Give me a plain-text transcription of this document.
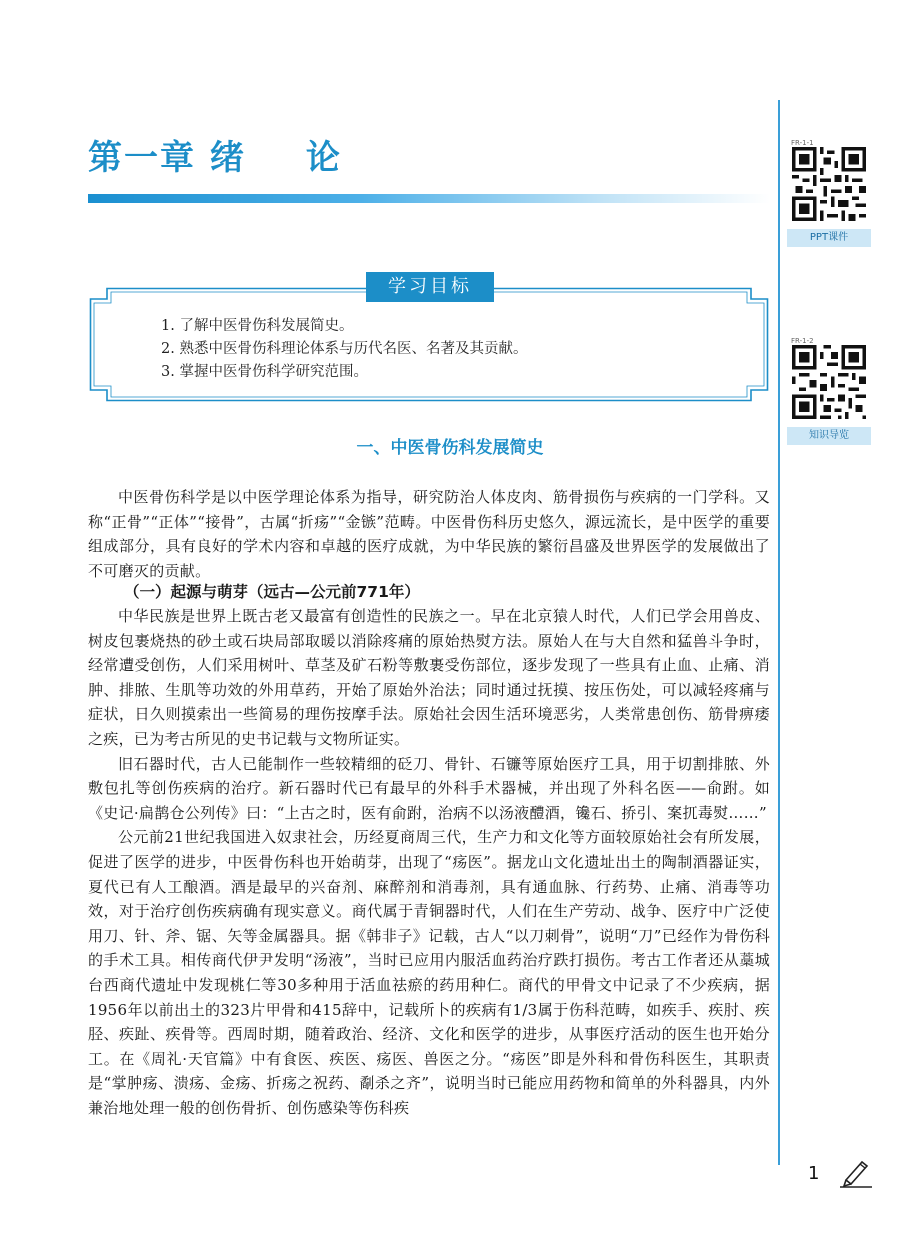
第一章 绪 论	FR-1-1
PPT课件
FR-1-2
知识导览
学习目标
1. 了解中医骨伤科发展简史。
2. 熟悉中医骨伤科理论体系与历代名医、名著及其贡献。
3. 掌握中医骨伤科学研究范围。
一、中医骨伤科发展简史

中医骨伤科学是以中医学理论体系为指导，研究防治人体皮肉、筋骨损伤与疾病的一门学科。又称“正骨”“正体”“接骨”，古属“折疡”“金镞”范畴。中医骨伤科历史悠久，源远流长，是中医学的重要组成部分，具有良好的学术内容和卓越的医疗成就，为中华民族的繁衍昌盛及世界医学的发展做出了不可磨灭的贡献。

（一）起源与萌芽（远古—公元前771年）

中华民族是世界上既古老又最富有创造性的民族之一。早在北京猿人时代，人们已学会用兽皮、树皮包裹烧热的砂土或石块局部取暖以消除疼痛的原始热熨方法。原始人在与大自然和猛兽斗争时，经常遭受创伤，人们采用树叶、草茎及矿石粉等敷裹受伤部位，逐步发现了一些具有止血、止痛、消肿、排脓、生肌等功效的外用草药，开始了原始外治法；同时通过抚摸、按压伤处，可以减轻疼痛与症状，日久则摸索出一些简易的理伤按摩手法。原始社会因生活环境恶劣，人类常患创伤、筋骨痹痿之疾，已为考古所见的史书记载与文物所证实。

旧石器时代，古人已能制作一些较精细的砭刀、骨针、石镰等原始医疗工具，用于切割排脓、外敷包扎等创伤疾病的治疗。新石器时代已有最早的外科手术器械，并出现了外科名医——俞跗。如《史记·扁鹊仓公列传》曰：“上古之时，医有俞跗，治病不以汤液醴酒，镵石、挢引、案扤毒熨……”

公元前21世纪我国进入奴隶社会，历经夏商周三代，生产力和文化等方面较原始社会有所发展，促进了医学的进步，中医骨伤科也开始萌芽，出现了“疡医”。据龙山文化遗址出土的陶制酒器证实，夏代已有人工酿酒。酒是最早的兴奋剂、麻醉剂和消毒剂，具有通血脉、行药势、止痛、消毒等功效，对于治疗创伤疾病确有现实意义。商代属于青铜器时代，人们在生产劳动、战争、医疗中广泛使用刀、针、斧、锯、矢等金属器具。据《韩非子》记载，古人“以刀刺骨”，说明“刀”已经作为骨伤科的手术工具。相传商代伊尹发明“汤液”，当时已应用内服活血药治疗跌打损伤。考古工作者还从藁城台西商代遗址中发现桃仁等30多种用于活血祛瘀的药用种仁。商代的甲骨文中记录了不少疾病，据1956年以前出土的323片甲骨和415辞中，记载所卜的疾病有1/3属于伤科范畴，如疾手、疾肘、疾胫、疾趾、疾骨等。西周时期，随着政治、经济、文化和医学的进步，从事医疗活动的医生也开始分工。在《周礼·天官篇》中有食医、疾医、疡医、兽医之分。“疡医”即是外科和骨伤科医生，其职责是“掌肿疡、溃疡、金疡、折疡之祝药、劀杀之齐”，说明当时已能应用药物和简单的外科器具，内外兼治地处理一般的创伤骨折、创伤感染等伤科疾

1
